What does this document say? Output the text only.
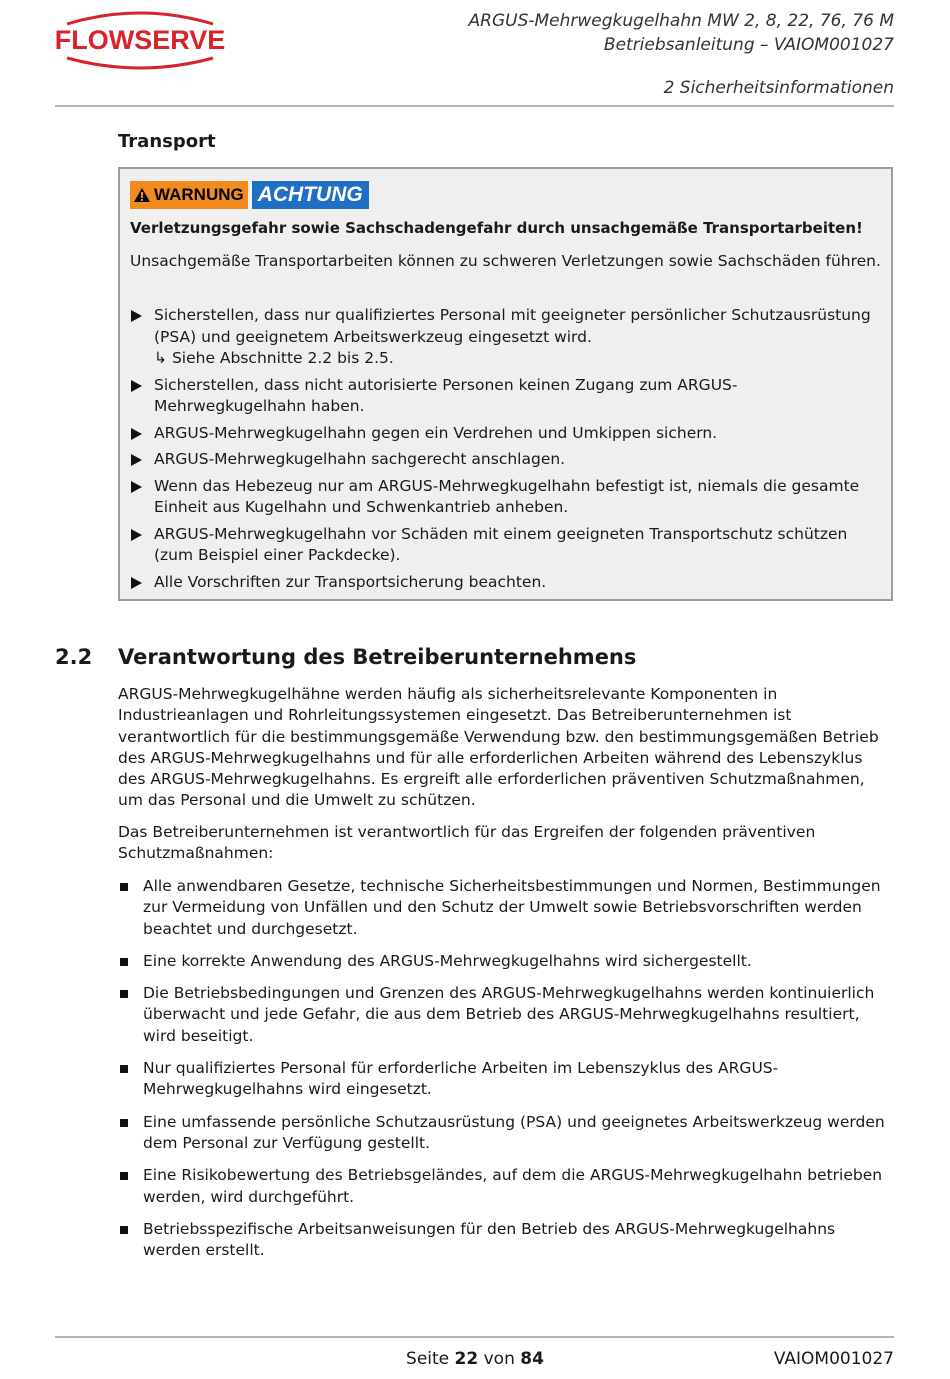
FLOWSERVE
ARGUS-Mehrwegkugelhahn MW 2, 8, 22, 76, 76 M
Betriebsanleitung – VAIOM001027
2 Sicherheitsinformationen
Transport
WARNUNG ACHTUNG
Verletzungsgefahr sowie Sachschadengefahr durch unsachgemäße Transportarbeiten!
Unsachgemäße Transportarbeiten können zu schweren Verletzungen sowie Sachschäden führen.
Sicherstellen, dass nur qualifiziertes Personal mit geeigneter persönlicher Schutzausrüstung (PSA) und geeignetem Arbeitswerkzeug eingesetzt wird.
↳ Siehe Abschnitte 2.2 bis 2.5.
Sicherstellen, dass nicht autorisierte Personen keinen Zugang zum ARGUS-Mehrwegkugelhahn haben.
ARGUS-Mehrwegkugelhahn gegen ein Verdrehen und Umkippen sichern.
ARGUS-Mehrwegkugelhahn sachgerecht anschlagen.
Wenn das Hebezeug nur am ARGUS-Mehrwegkugelhahn befestigt ist, niemals die gesamte Einheit aus Kugelhahn und Schwenkantrieb anheben.
ARGUS-Mehrwegkugelhahn vor Schäden mit einem geeigneten Transportschutz schützen (zum Beispiel einer Packdecke).
Alle Vorschriften zur Transportsicherung beachten.
2.2 Verantwortung des Betreiberunternehmens

ARGUS-Mehrwegkugelhähne werden häufig als sicherheitsrelevante Komponenten in Industrieanlagen und Rohrleitungssystemen eingesetzt. Das Betreiberunternehmen ist verantwortlich für die bestimmungsgemäße Verwendung bzw. den bestimmungsgemäßen Betrieb des ARGUS-Mehrwegkugelhahns und für alle erforderlichen Arbeiten während des Lebenszyklus des ARGUS-Mehrwegkugelhahns. Es ergreift alle erforderlichen präventiven Schutzmaßnahmen, um das Personal und die Umwelt zu schützen.

Das Betreiberunternehmen ist verantwortlich für das Ergreifen der folgenden präventiven Schutzmaßnahmen:

Alle anwendbaren Gesetze, technische Sicherheitsbestimmungen und Normen, Bestimmungen zur Vermeidung von Unfällen und den Schutz der Umwelt sowie Betriebsvorschriften werden beachtet und durchgesetzt.
Eine korrekte Anwendung des ARGUS-Mehrwegkugelhahns wird sichergestellt.
Die Betriebsbedingungen und Grenzen des ARGUS-Mehrwegkugelhahns werden kontinuierlich überwacht und jede Gefahr, die aus dem Betrieb des ARGUS-Mehrwegkugelhahns resultiert, wird beseitigt.
Nur qualifiziertes Personal für erforderliche Arbeiten im Lebenszyklus des ARGUS-Mehrwegkugelhahns wird eingesetzt.
Eine umfassende persönliche Schutzausrüstung (PSA) und geeignetes Arbeitswerkzeug werden dem Personal zur Verfügung gestellt.
Eine Risikobewertung des Betriebsgeländes, auf dem die ARGUS-Mehrwegkugelhahn betrieben werden, wird durchgeführt.
Betriebsspezifische Arbeitsanweisungen für den Betrieb des ARGUS-Mehrwegkugelhahns werden erstellt.
Seite 22 von 84	VAIOM001027
